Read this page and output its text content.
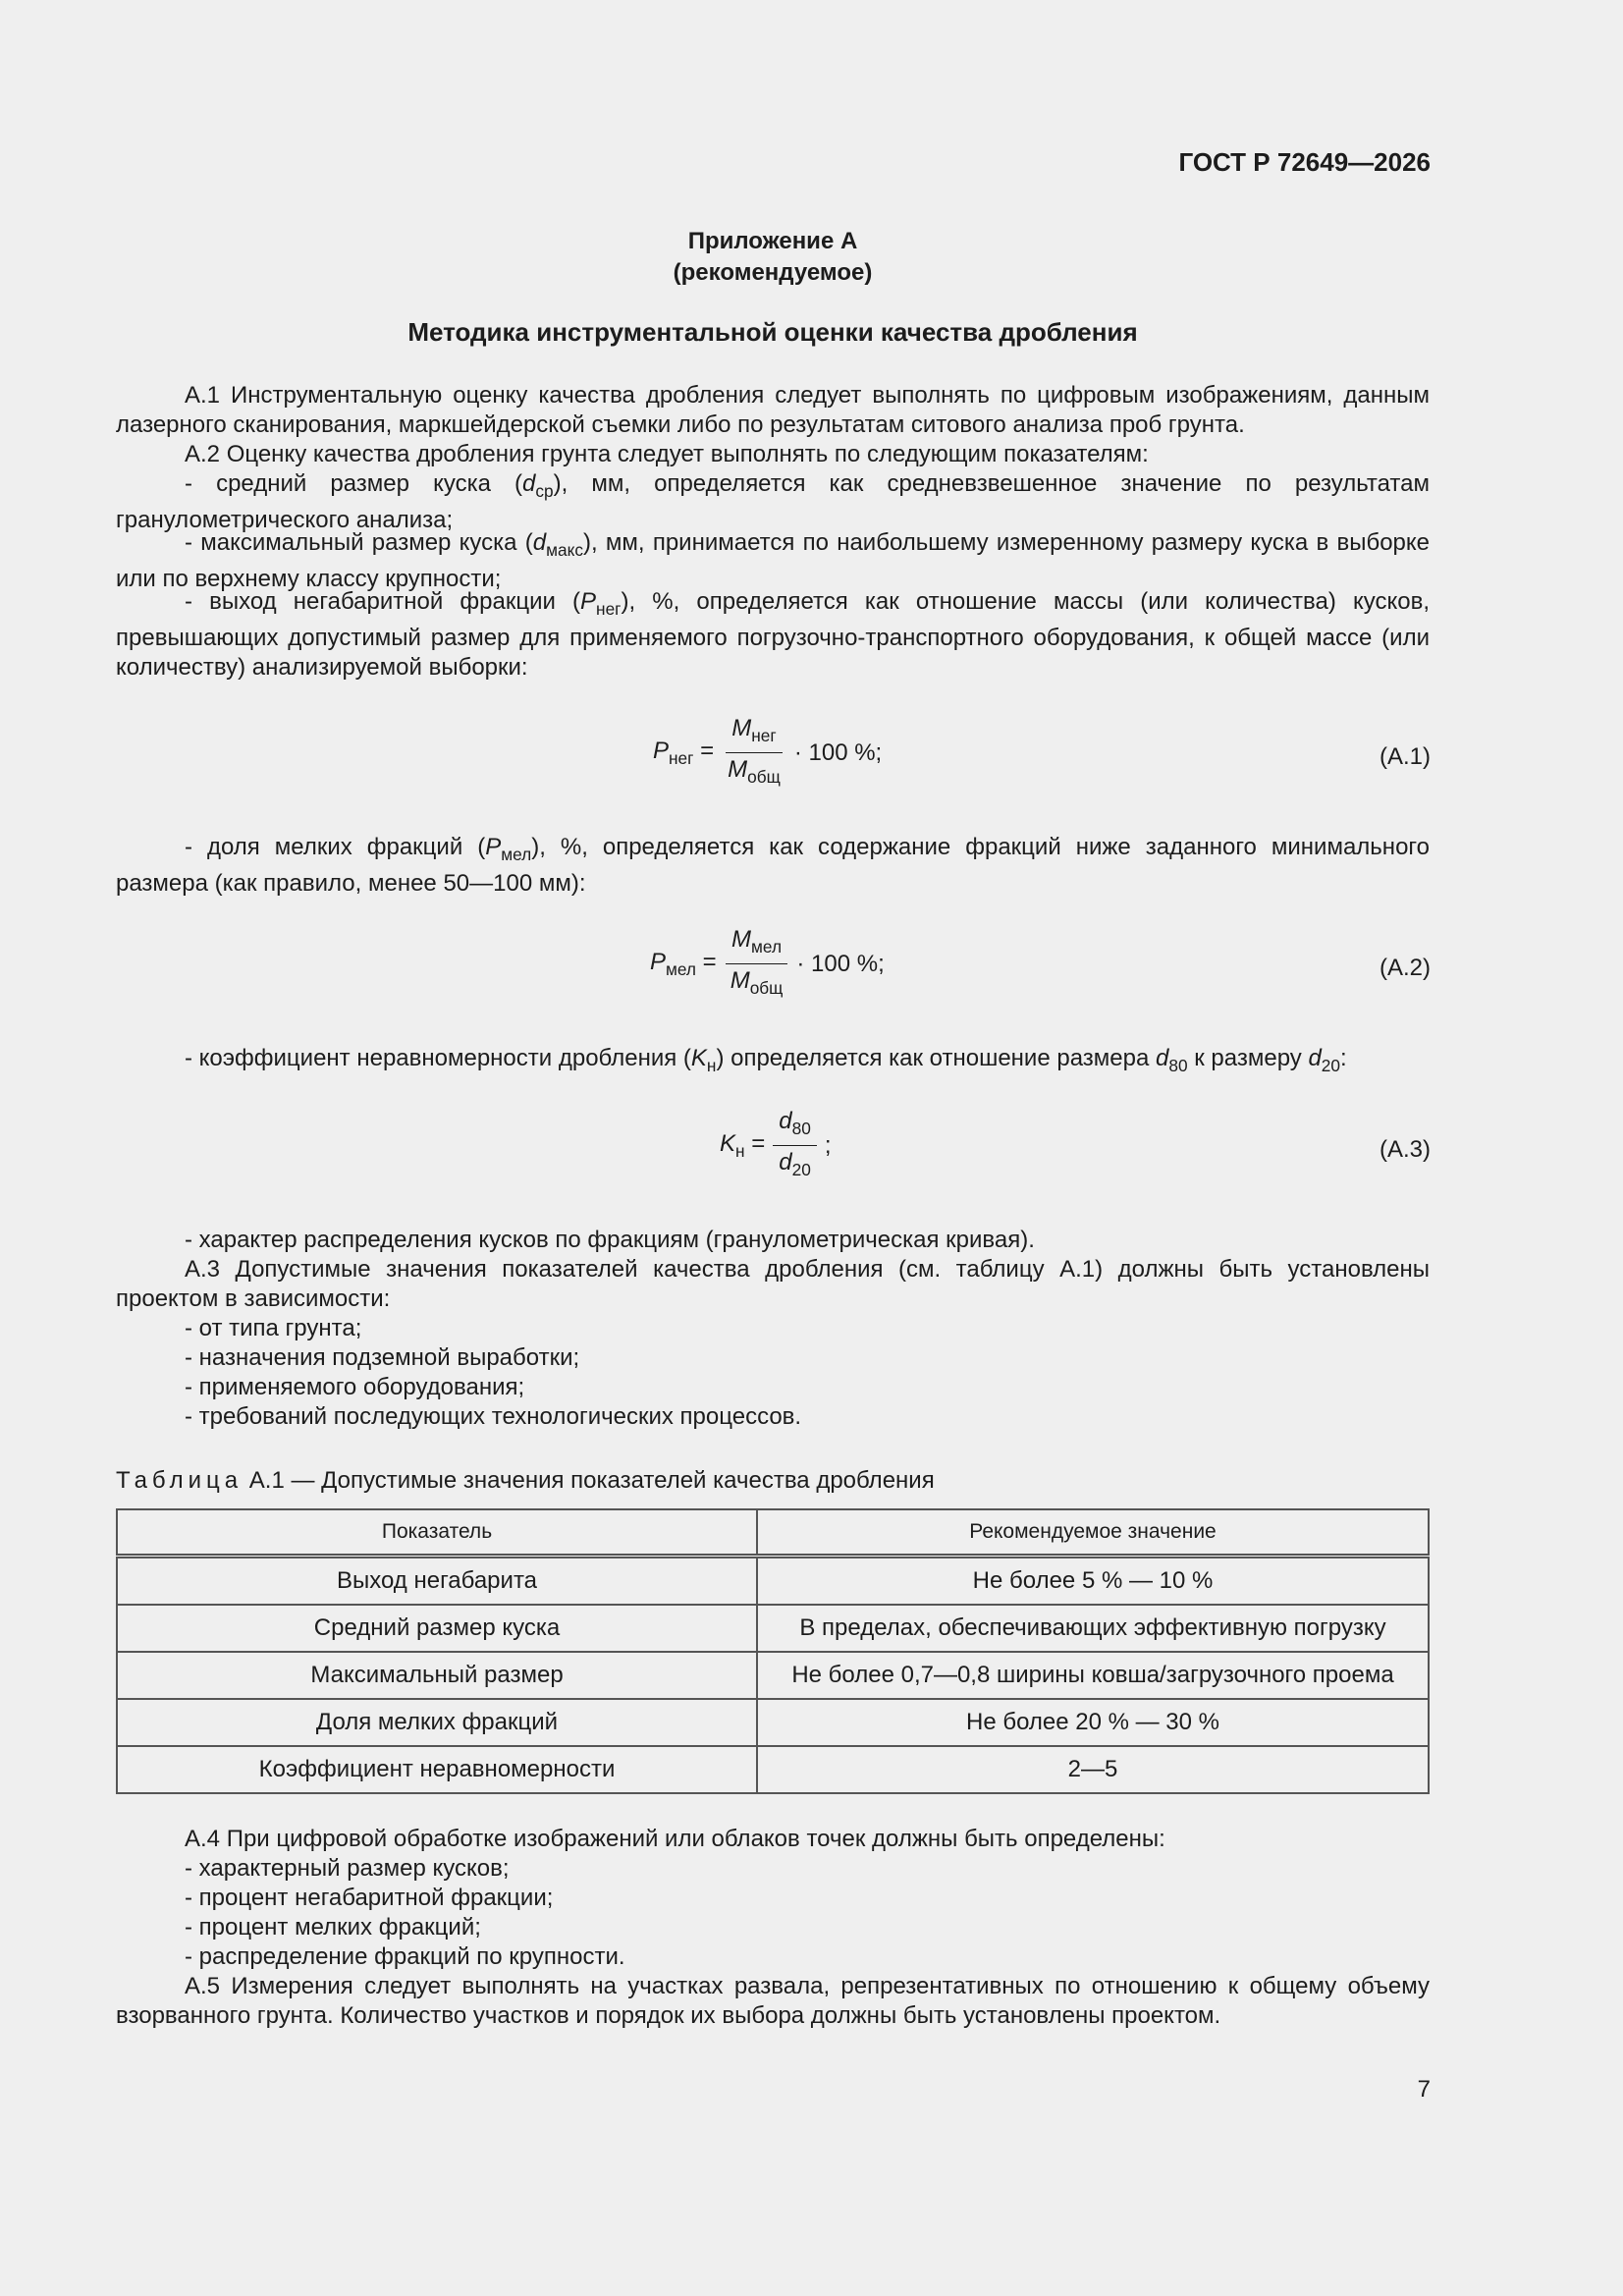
ГОСТ Р 72649—2026
Приложение А
(рекомендуемое)
Методика инструментальной оценки качества дробления
А.1 Инструментальную оценку качества дробления следует выполнять по цифровым изображениям, данным лазерного сканирования, маркшейдерской съемки либо по результатам ситового анализа проб грунта.
А.2 Оценку качества дробления грунта следует выполнять по следующим показателям:
- средний размер куска $(d_{ср})$, мм, определяется как средневзвешенное значение по результатам гранулометрического анализа;
- максимальный размер куска $(d_{макс})$, мм, принимается по наибольшему измеренному размеру куска в выборке или по верхнему классу крупности;
- выход негабаритной фракции $(P_{нег})$, %, определяется как отношение массы (или количества) кусков, превышающих допустимый размер для применяемого погрузочно-транспортного оборудования, к общей массе (или количеству) анализируемой выборки:
$P_{нег} = \frac{M_{нег}}{M_{общ}} \cdot 100$ %;	(А.1)
- доля мелких фракций $(P_{мел})$, %, определяется как содержание фракций ниже заданного минимального размера (как правило, менее 50—100 мм):
$P_{мел} = \frac{M_{мел}}{M_{общ}} \cdot 100$ %;	(А.2)
- коэффициент неравномерности дробления $(K_н)$ определяется как отношение размера $d_{80}$ к размеру $d_{20}$:
$K_н = \frac{d_{80}}{d_{20}}$ ;	(А.3)
- характер распределения кусков по фракциям (гранулометрическая кривая).
А.3 Допустимые значения показателей качества дробления (см. таблицу А.1) должны быть установлены проектом в зависимости:
- от типа грунта;
- назначения подземной выработки;
- применяемого оборудования;
- требований последующих технологических процессов.
Таблица А.1 — Допустимые значения показателей качества дробления
Показатель	Рекомендуемое значение
Выход негабарита	Не более 5 % — 10 %
Средний размер куска	В пределах, обеспечивающих эффективную погрузку
Максимальный размер	Не более 0,7—0,8 ширины ковша/загрузочного проема
Доля мелких фракций	Не более 20 % — 30 %
Коэффициент неравномерности	2—5
А.4 При цифровой обработке изображений или облаков точек должны быть определены:
- характерный размер кусков;
- процент негабаритной фракции;
- процент мелких фракций;
- распределение фракций по крупности.
А.5 Измерения следует выполнять на участках развала, репрезентативных по отношению к общему объему взорванного грунта. Количество участков и порядок их выбора должны быть установлены проектом.
7
